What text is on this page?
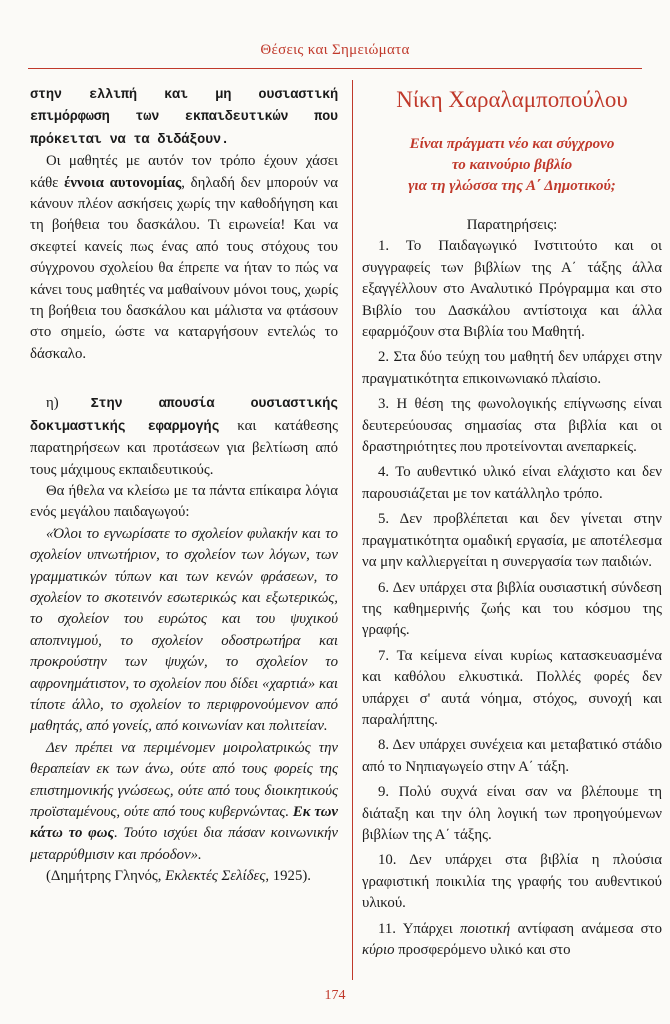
Θέσεις και Σημειώματα

στην ελλιπή και μη ουσιαστική επιμόρφωση των εκπαιδευτικών που πρόκειται να τα διδάξουν.

Οι μαθητές με αυτόν τον τρόπο έχουν χάσει κάθε έννοια αυτονομίας, δηλαδή δεν μπορούν να κάνουν πλέον ασκήσεις χωρίς την καθοδήγηση και τη βοήθεια του δασκάλου. Τι ειρωνεία! Και να σκεφτεί κανείς πως ένας από τους στόχους του σύγχρονου σχολείου θα έπρεπε να ήταν το πώς να κάνει τους μαθητές να μαθαίνουν μόνοι τους, χωρίς τη βοήθεια του δασκάλου και μάλιστα να φτάσουν στο σημείο, ώστε να καταργήσουν εντελώς το δάσκαλο.

η) Στην απουσία ουσιαστικής δοκιμαστικής εφαρμογής και κατάθεσης παρατηρήσεων και προτάσεων για βελτίωση από τους μάχιμους εκπαιδευτικούς.

Θα ήθελα να κλείσω με τα πάντα επίκαιρα λόγια ενός μεγάλου παιδαγωγού:

«Όλοι το εγνωρίσατε το σχολείον φυλακήν και το σχολείον υπνωτήριον, το σχολείον των λόγων, των γραμματικών τύπων και των κενών φράσεων, το σχολείον το σκοτεινόν εσωτερικώς και εξωτερικώς, το σχολείον του ευρώτος και του ψυχικού αποπνιγμού, το σχολείον οδοστρωτήρα και προκρούστην των ψυχών, το σχολείον το αφρονημάτιστον, το σχολείον που δίδει «χαρτιά» και τίποτε άλλο, το σχολείον το περιφρονούμενον από μαθητάς, από γονείς, από κοινωνίαν και πολιτείαν.

Δεν πρέπει να περιμένομεν μοιρολατρικώς την θεραπείαν εκ των άνω, ούτε από τους φορείς της επιστημονικής γνώσεως, ούτε από τους διοικητικούς προϊσταμένους, ούτε από τους κυβερνώντας. Εκ των κάτω το φως. Τούτο ισχύει δια πάσαν κοινωνικήν μεταρρύθμισιν και πρόοδον».

(Δημήτρης Γληνός, Εκλεκτές Σελίδες, 1925).

Νίκη Χαραλαμποπούλου
Είναι πράγματι νέο και σύγχρονο
το καινούριο βιβλίο
για τη γλώσσα της Α΄ Δημοτικού;
Παρατηρήσεις:

1. Το Παιδαγωγικό Ινστιτούτο και οι συγγραφείς των βιβλίων της Α΄ τάξης άλλα εξαγγέλλουν στο Αναλυτικό Πρόγραμμα και στο Βιβλίο του Δασκάλου αντίστοιχα και άλλα εφαρμόζουν στα Βιβλία του Μαθητή.

2. Στα δύο τεύχη του μαθητή δεν υπάρχει στην πραγματικότητα επικοινωνιακό πλαίσιο.

3. Η θέση της φωνολογικής επίγνωσης είναι δευτερεύουσας σημασίας στα βιβλία και οι δραστηριότητες που προτείνονται ανεπαρκείς.

4. Το αυθεντικό υλικό είναι ελάχιστο και δεν παρουσιάζεται με τον κατάλληλο τρόπο.

5. Δεν προβλέπεται και δεν γίνεται στην πραγματικότητα ομαδική εργασία, με αποτέλεσμα να μην καλλιεργείται η συνεργασία των παιδιών.

6. Δεν υπάρχει στα βιβλία ουσιαστική σύνδεση της καθημερινής ζωής και του κόσμου της γραφής.

7. Τα κείμενα είναι κυρίως κατασκευασμένα και καθόλου ελκυστικά. Πολλές φορές δεν υπάρχει σ' αυτά νόημα, στόχος, συνοχή και παραλήπτης.

8. Δεν υπάρχει συνέχεια και μεταβατικό στάδιο από το Νηπιαγωγείο στην Α΄ τάξη.

9. Πολύ συχνά είναι σαν να βλέπουμε τη διάταξη και την όλη λογική των προηγούμενων βιβλίων της Α΄ τάξης.

10. Δεν υπάρχει στα βιβλία η πλούσια γραφιστική ποικιλία της γραφής του αυθεντικού υλικού.

11. Υπάρχει ποιοτική αντίφαση ανάμεσα στο κύριο προσφερόμενο υλικό και στο

174
